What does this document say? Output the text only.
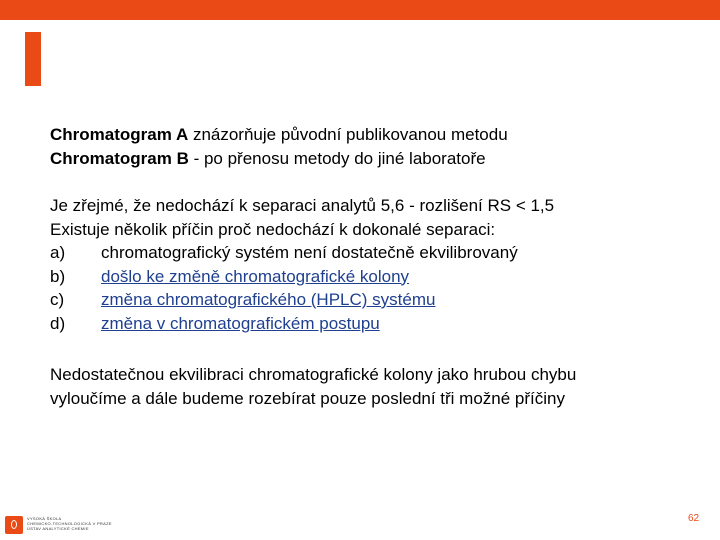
Chromatogram A znázorňuje původní publikovanou metodu
Chromatogram B - po přenosu metody do jiné laboratoře
Je zřejmé, že nedochází k separaci analytů 5,6 - rozlišení RS < 1,5
Existuje několik příčin proč nedochází k dokonalé separaci:
a)	chromatografický systém není dostatečně ekvilibrovaný
b)	došlo ke změně chromatografické kolony
c)	změna chromatografického (HPLC) systému
d)	změna v chromatografickém postupu
Nedostatečnou ekvilibraci chromatografické kolony jako hrubou chybu
vyloučíme a dále budeme rozebírat pouze poslední tři možné příčiny
VYSOKÁ ŠKOLA
CHEMICKO-TECHNOLOGICKÁ V PRAZE
ÚSTAV ANALYTICKÉ CHEMIE
62
